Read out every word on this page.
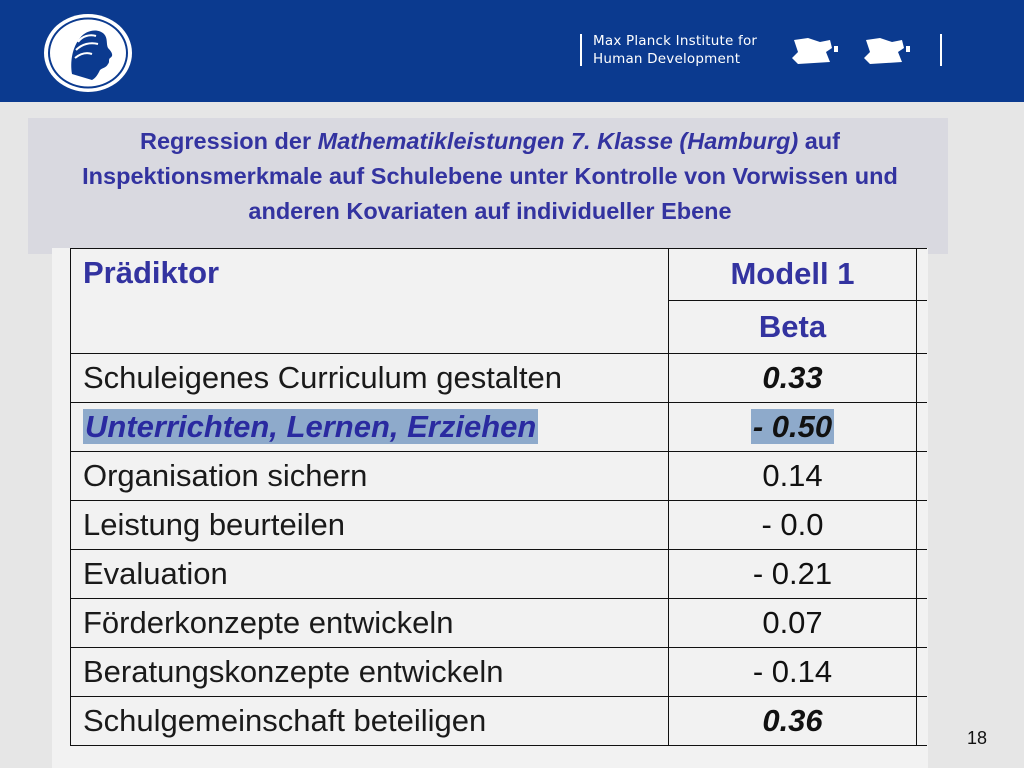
Max Planck Institute for
Human Development
Regression der Mathematikleistungen 7. Klasse (Hamburg) auf Inspektionsmerkmale auf Schulebene unter Kontrolle von Vorwissen und anderen Kovariaten auf individueller Ebene
Prädiktor	Modell 1	
	Beta	
Schuleigenes Curriculum gestalten	0.33	
Unterrichten, Lernen, Erziehen	- 0.50	
Organisation sichern	0.14	
Leistung beurteilen	- 0.0	
Evaluation	- 0.21	
Förderkonzepte entwickeln	0.07	
Beratungskonzepte entwickeln	- 0.14	
Schulgemeinschaft beteiligen	0.36		18
